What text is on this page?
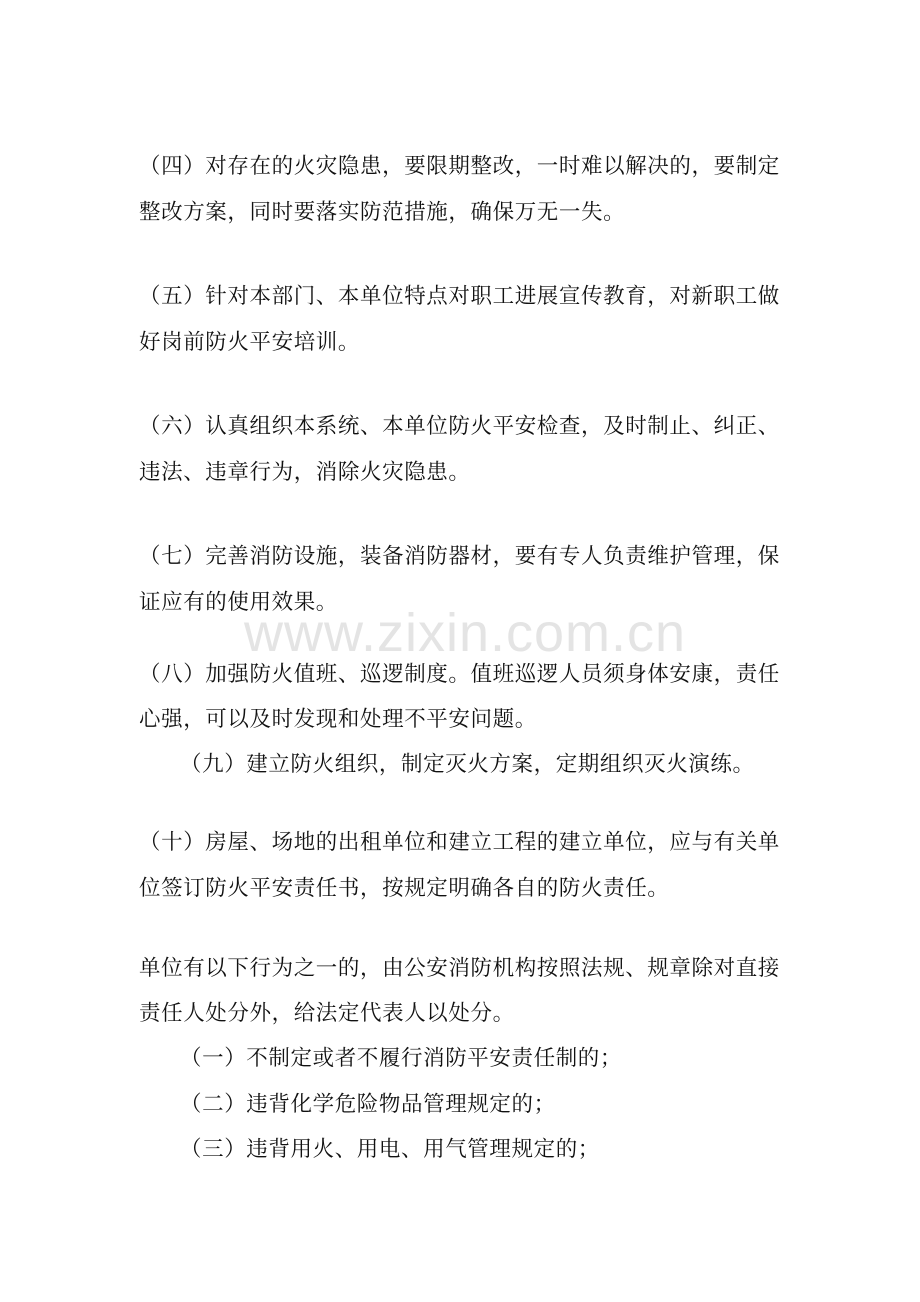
（四）对存在的火灾隐患，要限期整改，一时难以解决的，要制定

整改方案，同时要落实防范措施，确保万无一失。

（五）针对本部门、本单位特点对职工进展宣传教育，对新职工做

好岗前防火平安培训。

（六）认真组织本系统、本单位防火平安检查，及时制止、纠正、

违法、违章行为，消除火灾隐患。

（七）完善消防设施，装备消防器材，要有专人负责维护管理，保

证应有的使用效果。

www.zixin.com.cn

（八）加强防火值班、巡逻制度。值班巡逻人员须身体安康，责任

心强，可以及时发现和处理不平安问题。

（九）建立防火组织，制定灭火方案，定期组织灭火演练。

（十）房屋、场地的出租单位和建立工程的建立单位，应与有关单

位签订防火平安责任书，按规定明确各自的防火责任。

单位有以下行为之一的，由公安消防机构按照法规、规章除对直接

责任人处分外，给法定代表人以处分。

（一）不制定或者不履行消防平安责任制的；

（二）违背化学危险物品管理规定的；

（三）违背用火、用电、用气管理规定的；
